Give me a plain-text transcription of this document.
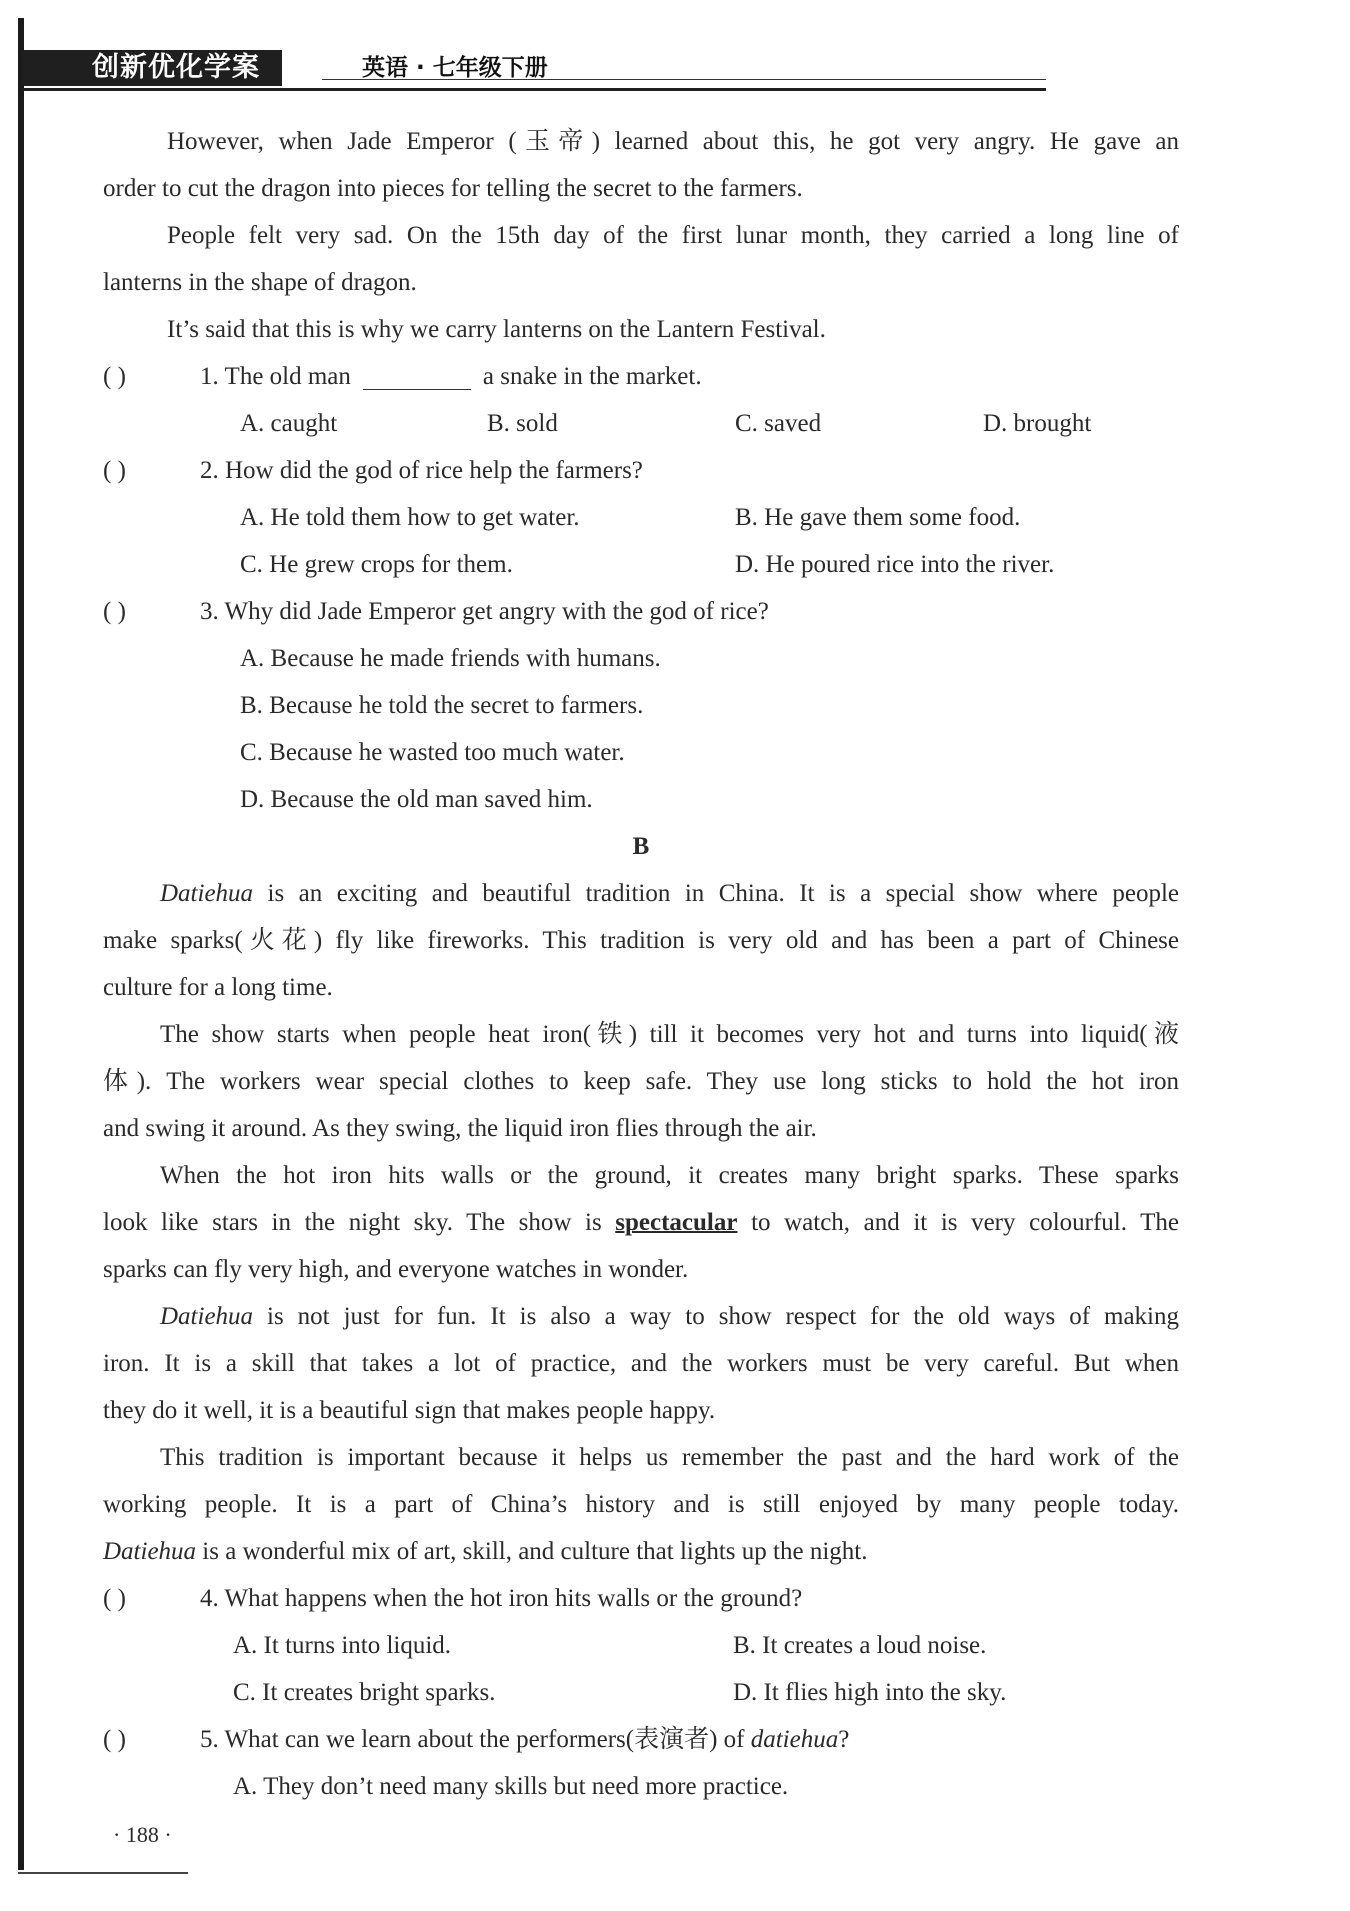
创新优化学案	英语 · 七年级下册
However, when Jade Emperor (玉帝) learned about this, he got very angry. He gave an
order to cut the dragon into pieces for telling the secret to the farmers.
People felt very sad. On the 15th day of the first lunar month, they carried a long line of
lanterns in the shape of dragon.
It’s said that this is why we carry lanterns on the Lantern Festival.
( )	1. The old man	a snake in the market.
A. caught	B. sold	C. saved	D. brought
( )	2. How did the god of rice help the farmers?
A. He told them how to get water.	B. He gave them some food.
C. He grew crops for them.	D. He poured rice into the river.
( )	3. Why did Jade Emperor get angry with the god of rice?
A. Because he made friends with humans.
B. Because he told the secret to farmers.
C. Because he wasted too much water.
D. Because the old man saved him.
B
Datiehua is an exciting and beautiful tradition in China. It is a special show where people
make sparks(火花) fly like fireworks. This tradition is very old and has been a part of Chinese
culture for a long time.
The show starts when people heat iron(铁) till it becomes very hot and turns into liquid(液
体). The workers wear special clothes to keep safe. They use long sticks to hold the hot iron
and swing it around. As they swing, the liquid iron flies through the air.
When the hot iron hits walls or the ground, it creates many bright sparks. These sparks
look like stars in the night sky. The show is spectacular to watch, and it is very colourful. The
sparks can fly very high, and everyone watches in wonder.
Datiehua is not just for fun. It is also a way to show respect for the old ways of making
iron. It is a skill that takes a lot of practice, and the workers must be very careful. But when
they do it well, it is a beautiful sign that makes people happy.
This tradition is important because it helps us remember the past and the hard work of the
working people. It is a part of China’s history and is still enjoyed by many people today.
Datiehua is a wonderful mix of art, skill, and culture that lights up the night.
( )	4. What happens when the hot iron hits walls or the ground?
A. It turns into liquid.	B. It creates a loud noise.
C. It creates bright sparks.	D. It flies high into the sky.
( )	5. What can we learn about the performers(表演者) of datiehua?
A. They don’t need many skills but need more practice.
· 188 ·
